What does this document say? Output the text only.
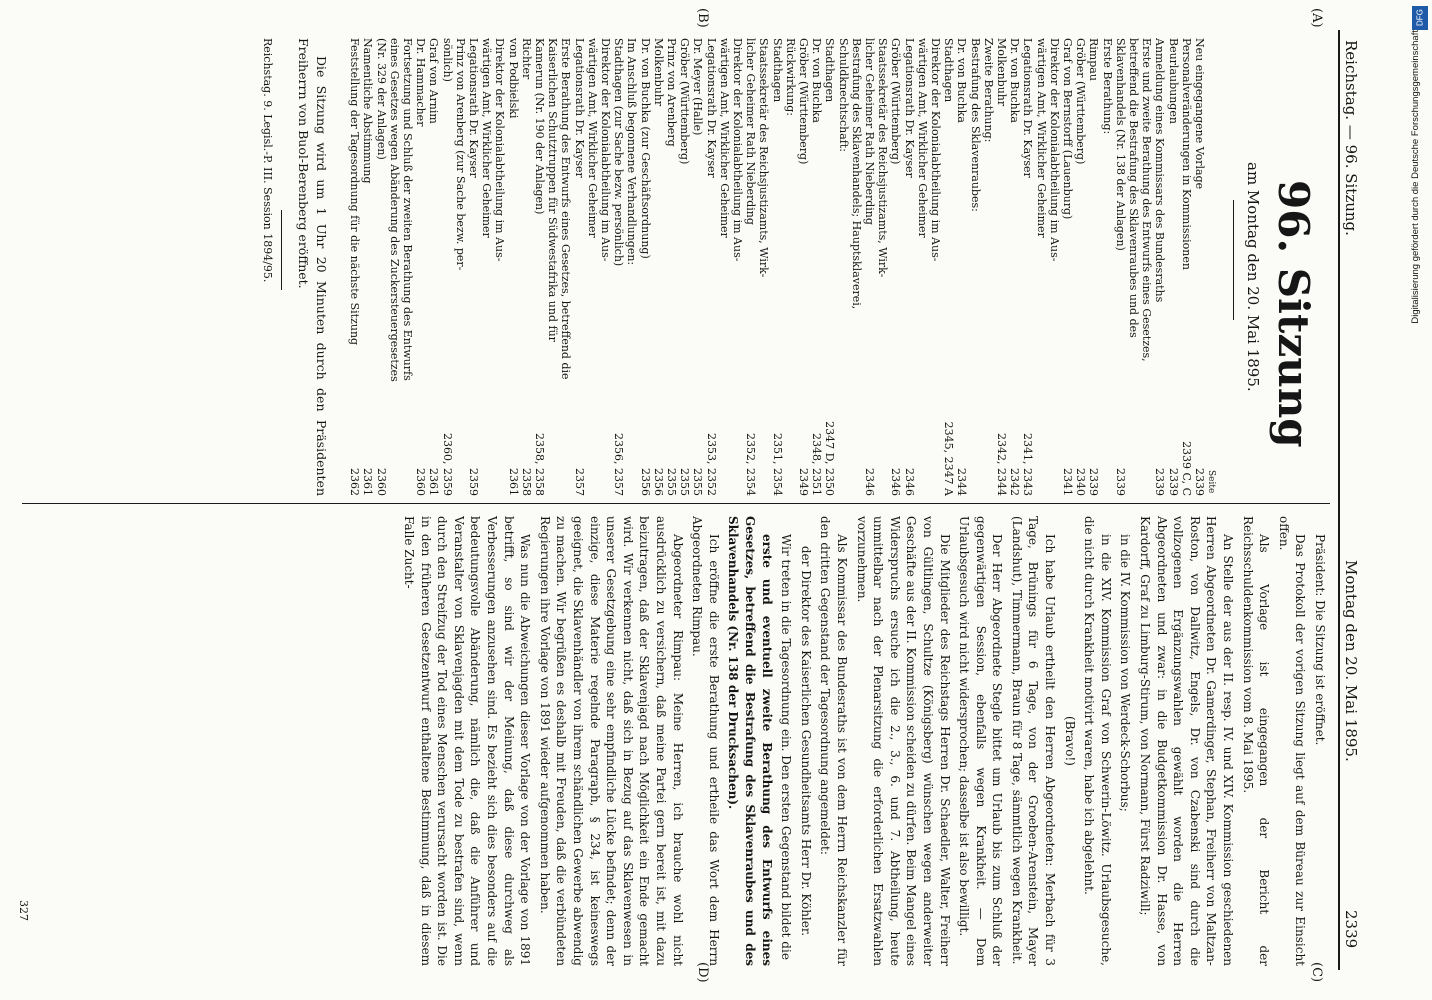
DFG
Digitalisierung gefördert durch die Deutsche Forschungsgemeinschaft
Reichstag. — 96. Sitzung.
Montag den 20. Mai 1895.
2339
(A)
(B)
(C)
(D)
96. Sitzung
am Montag den 20. Mai 1895.
Seite
Neu eingegangene Vorlage
2339
Personalveränderungen in Kommissionen
2339 C, C
Beurlaubungen
2339
Anmeldung eines Kommissars des Bundesraths
2339
Erste und zweite Berathung des Entwurfs eines Gesetzes,
betreffend die Bestrafung des Sklavenraubes und des
Sklavenhandels (Nr. 138 der Anlagen)
2339
Erste Berathung:
Rimpau
2339
Gröber (Württemberg)
2340
Graf von Bernstorff (Lauenburg)
2341
Direktor der Kolonialabtheilung im Aus-
wärtigen Amt, Wirklicher Geheimer
Legationsrath Dr. Kayser
2341, 2343
Dr. von Buchka
2342
Molkenbuhr
2342, 2344
Zweite Berathung:
Bestrafung des Sklavenraubes:
Dr. von Buchka
2344
Stadthagen
2345, 2347 A
Direktor der Kolonialabtheilung im Aus-
wärtigen Amt, Wirklicher Geheimer
Legationsrath Dr. Kayser
2346
Gröber (Württemberg)
2346
Staatssekretär des Reichsjustizamts, Wirk-
licher Geheimer Rath Nieberding
2346
Bestrafung des Sklavenhandels; Hauptsklaverei,
Schuldknechtschaft:
Stadthagen
2347 D, 2350
Dr. von Buchka
2348, 2351
Gröber (Württemberg)
2349
Rückwirkung:
Stadthagen
2351, 2354
Staatssekretär des Reichsjustizamts, Wirk-
licher Geheimer Rath Nieberding
2352, 2354
Direktor der Kolonialabtheilung im Aus-
wärtigen Amt, Wirklicher Geheimer
Legationsrath Dr. Kayser
2353, 2352
Dr. Meyer (Halle)
2355
Gröber (Württemberg)
2355
Prinz von Arenberg
2355
Molkenbuhr
2356
Dr. von Buchka (zur Geschäftsordnung)
2356
Im Anschluß begonnene Verhandlungen:
Stadthagen (zur Sache bezw. persönlich)
2356, 2357
Direktor der Kolonialabtheilung im Aus-
wärtigen Amt, Wirklicher Geheimer
Legationsrath Dr. Kayser
2357
Erste Berathung des Entwurfs eines Gesetzes, betreffend die
Kaiserlichen Schutztruppen für Südwestafrika und für
Kamerun (Nr. 190 der Anlagen)
2358, 2358
Richter
2358
von Podbielski
2361
Direktor der Kolonialabtheilung im Aus-
wärtigen Amt, Wirklicher Geheimer
Legationsrath Dr. Kayser
2359
Prinz von Arenberg (zur Sache bezw. per-
sönlich)
2360, 2359
Graf von Arnim
2361
Dr. Hammacher
2360
Fortsetzung und Schluß der zweiten Berathung des Entwurfs
eines Gesetzes wegen Abänderung des Zuckersteuergesetzes
(Nr. 329 der Anlagen)
2360
Namentliche Abstimmung
2361
Feststellung der Tagesordnung für die nächste Sitzung
2362

Die Sitzung wird um 1 Uhr 20 Minuten durch den Präsidenten Freiherrn von Buol-Berenberg eröffnet.

Reichstag. 9. Legisl.-P. III. Session 1894/95.

Präsident: Die Sitzung ist eröffnet.

Das Protokoll der vorigen Sitzung liegt auf dem Büreau zur Einsicht offen.

Als Vorlage ist eingegangen der Bericht der Reichsschuldenkommission vom 8. Mai 1895.

An Stelle der aus der II. resp. IV. und XIV. Kommission geschiedenen Herren Abgeordneten Dr. Gamerdinger, Stephan, Freiherr von Maltzan-Roston, von Dallwitz, Engels, Dr. von Czabenski sind durch die vollzogenen Ergänzungswahlen gewählt worden die Herren Abgeordneten und zwar: in die Budgetkommission Dr. Hasse, von Kardorff, Graf zu Limburg-Stirum, von Normann, Fürst Radziwill;

in die IV. Kommission von Werdeck-Schorbus;

in die XIV. Kommission Graf von Schwerin-Löwitz. Urlaubsgesuche, die nicht durch Krankheit motivirt waren, habe ich abgelehnt.

(Bravo!)

Ich habe Urlaub ertheilt den Herren Abgeordneten: Merbach für 3 Tage, Brünings für 6 Tage, von der Groeben-Arenstein, Mayer (Landshut), Timmermann, Braun für 8 Tage, sämmtlich wegen Krankheit.

Der Herr Abgeordnete Stegle bittet um Urlaub bis zum Schluß der gegenwärtigen Session, ebenfalls wegen Krankheit. — Dem Urlaubsgesuch wird nicht widersprochen; dasselbe ist also bewilligt.

Die Mitglieder des Reichstags Herren Dr. Schaedler, Walter, Freiherr von Gültlingen, Schultze (Königsberg) wünschen wegen anderweiter Geschäfte aus der II. Kommission scheiden zu dürfen. Beim Mangel eines Widerspruchs ersuche ich die 2., 3., 6. und 7. Abtheilung, heute unmittelbar nach der Plenarsitzung die erforderlichen Ersatzwahlen vorzunehmen.

Als Kommissar des Bundesraths ist von dem Herrn Reichskanzler für den dritten Gegenstand der Tagesordnung angemeldet:

der Direktor des Kaiserlichen Gesundheitsamts Herr Dr. Köhler.

Wir treten in die Tagesordnung ein. Den ersten Gegenstand bildet die

erste und eventuell zweite Berathung des Entwurfs eines Gesetzes, betreffend die Bestrafung des Sklavenraubes und des Sklavenhandels (Nr. 138 der Drucksachen).

Ich eröffne die erste Berathung und ertheile das Wort dem Herrn Abgeordneten Rimpau.

Abgeordneter Rimpau: Meine Herren, ich brauche wohl nicht ausdrücklich zu versichern, daß meine Partei gern bereit ist, mit dazu beizutragen, daß der Sklavenjagd nach Möglichkeit ein Ende gemacht wird. Wir verkennen nicht, daß sich in Bezug auf das Sklavenwesen in unserer Gesetzgebung eine sehr empfindliche Lücke befindet; denn der einzige, diese Materie regelnde Paragraph, § 234, ist keineswegs geeignet, die Sklavenhändler von ihrem schändlichen Gewerbe abwendig zu machen. Wir begrüßen es deshalb mit Freuden, daß die verbündeten Regierungen ihre Vorlage von 1891 wieder aufgenommen haben.

Was nun die Abweichungen dieser Vorlage von der Vorlage von 1891 betrifft, so sind wir der Meinung, daß diese durchweg als Verbesserungen anzusehen sind. Es bezieht sich dies besonders auf die bedeutungsvolle Abänderung, nämlich die, daß die Anführer und Veranstalter von Sklavenjagden mit dem Tode zu bestrafen sind, wenn durch den Streifzug der Tod eines Menschen verursacht worden ist. Die in den früheren Gesetzentwurf enthaltene Bestimmung, daß in diesem Falle Zucht-

327
